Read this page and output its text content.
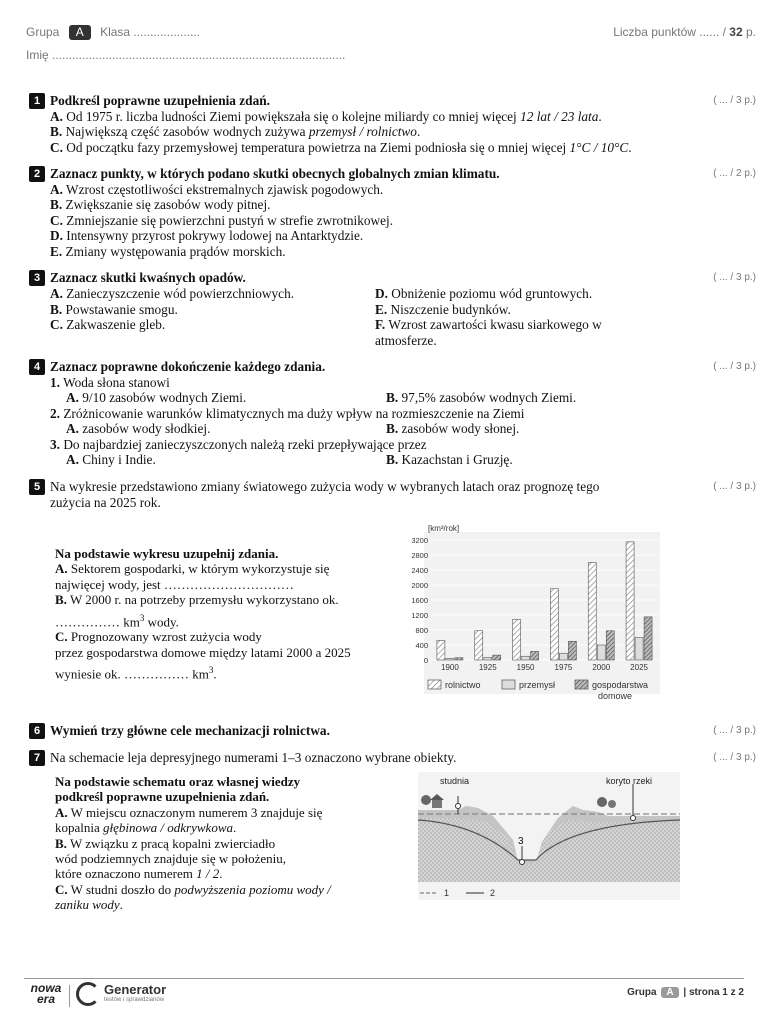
Grupa A Klasa ....................
Imię ........................................................................................
Liczba punktów ...... / 32 p.
1	( ... / 3 p.)
Podkreśl poprawne uzupełnienia zdań.
A. Od 1975 r. liczba ludności Ziemi powiększała się o kolejne miliardy co mniej więcej 12 lat / 23 lata.
B. Największą część zasobów wodnych zużywa przemysł / rolnictwo.
C. Od początku fazy przemysłowej temperatura powietrza na Ziemi podniosła się o mniej więcej 1°C / 10°C.
2	( ... / 2 p.)
Zaznacz punkty, w których podano skutki obecnych globalnych zmian klimatu.
A. Wzrost częstotliwości ekstremalnych zjawisk pogodowych.
B. Zwiększanie się zasobów wody pitnej.
C. Zmniejszanie się powierzchni pustyń w strefie zwrotnikowej.
D. Intensywny przyrost pokrywy lodowej na Antarktydzie.
E. Zmiany występowania prądów morskich.
3	( ... / 3 p.)
Zaznacz skutki kwaśnych opadów.
A. Zanieczyszczenie wód powierzchniowych.
B. Powstawanie smogu.
C. Zakwaszenie gleb.
D. Obniżenie poziomu wód gruntowych.
E. Niszczenie budynków.
F. Wzrost zawartości kwasu siarkowego w
atmosferze.
4	( ... / 3 p.)
Zaznacz poprawne dokończenie każdego zdania.
1. Woda słona stanowi
A. 9/10 zasobów wodnych Ziemi.	B. 97,5% zasobów wodnych Ziemi.
2. Zróżnicowanie warunków klimatycznych ma duży wpływ na rozmieszczenie na Ziemi
A. zasobów wody słodkiej.	B. zasobów wody słonej.
3. Do najbardziej zanieczyszczonych należą rzeki przepływające przez
A. Chiny i Indie.	B. Kazachstan i Gruzję.
5	( ... / 3 p.)
Na wykresie przedstawiono zmiany światowego zużycia wody w wybranych latach oraz prognozę tego
zużycia na 2025 rok.
Na podstawie wykresu uzupełnij zdania.
A. Sektorem gospodarki, w którym wykorzystuje się
najwięcej wody, jest …………………………
B. W 2000 r. na potrzeby przemysłu wykorzystano ok.
…………… $km^3$ wody.
C. Prognozowany wzrost zużycia wody
przez gospodarstwa domowe między latami 2000 a 2025
wyniesie ok. …………… $km^3$.
[km³/rok]
0
400
800
1200
1600
2000
2400
2800
3200
1900	1925	1950	1975	2000	2025
rolnictwo	przemysł	gospodarstwa
domowe
6	( ... / 3 p.)
Wymień trzy główne cele mechanizacji rolnictwa.
7	( ... / 3 p.)
Na schemacie leja depresyjnego numerami 1–3 oznaczono wybrane obiekty.
Na podstawie schematu oraz własnej wiedzy
podkreśl poprawne uzupełnienia zdań.
A. W miejscu oznaczonym numerem 3 znajduje się
kopalnia głębinowa / odkrywkowa.
B. W związku z pracą kopalni zwierciadło
wód podziemnych znajduje się w położeniu,
które oznaczono numerem 1 / 2.
C. W studni doszło do podwyższenia poziomu wody /
zaniku wody.
3
studnia	koryto rzeki
1	2
nowa
era
Generator
testów i sprawdzianów
Grupa A | strona 1 z 2
